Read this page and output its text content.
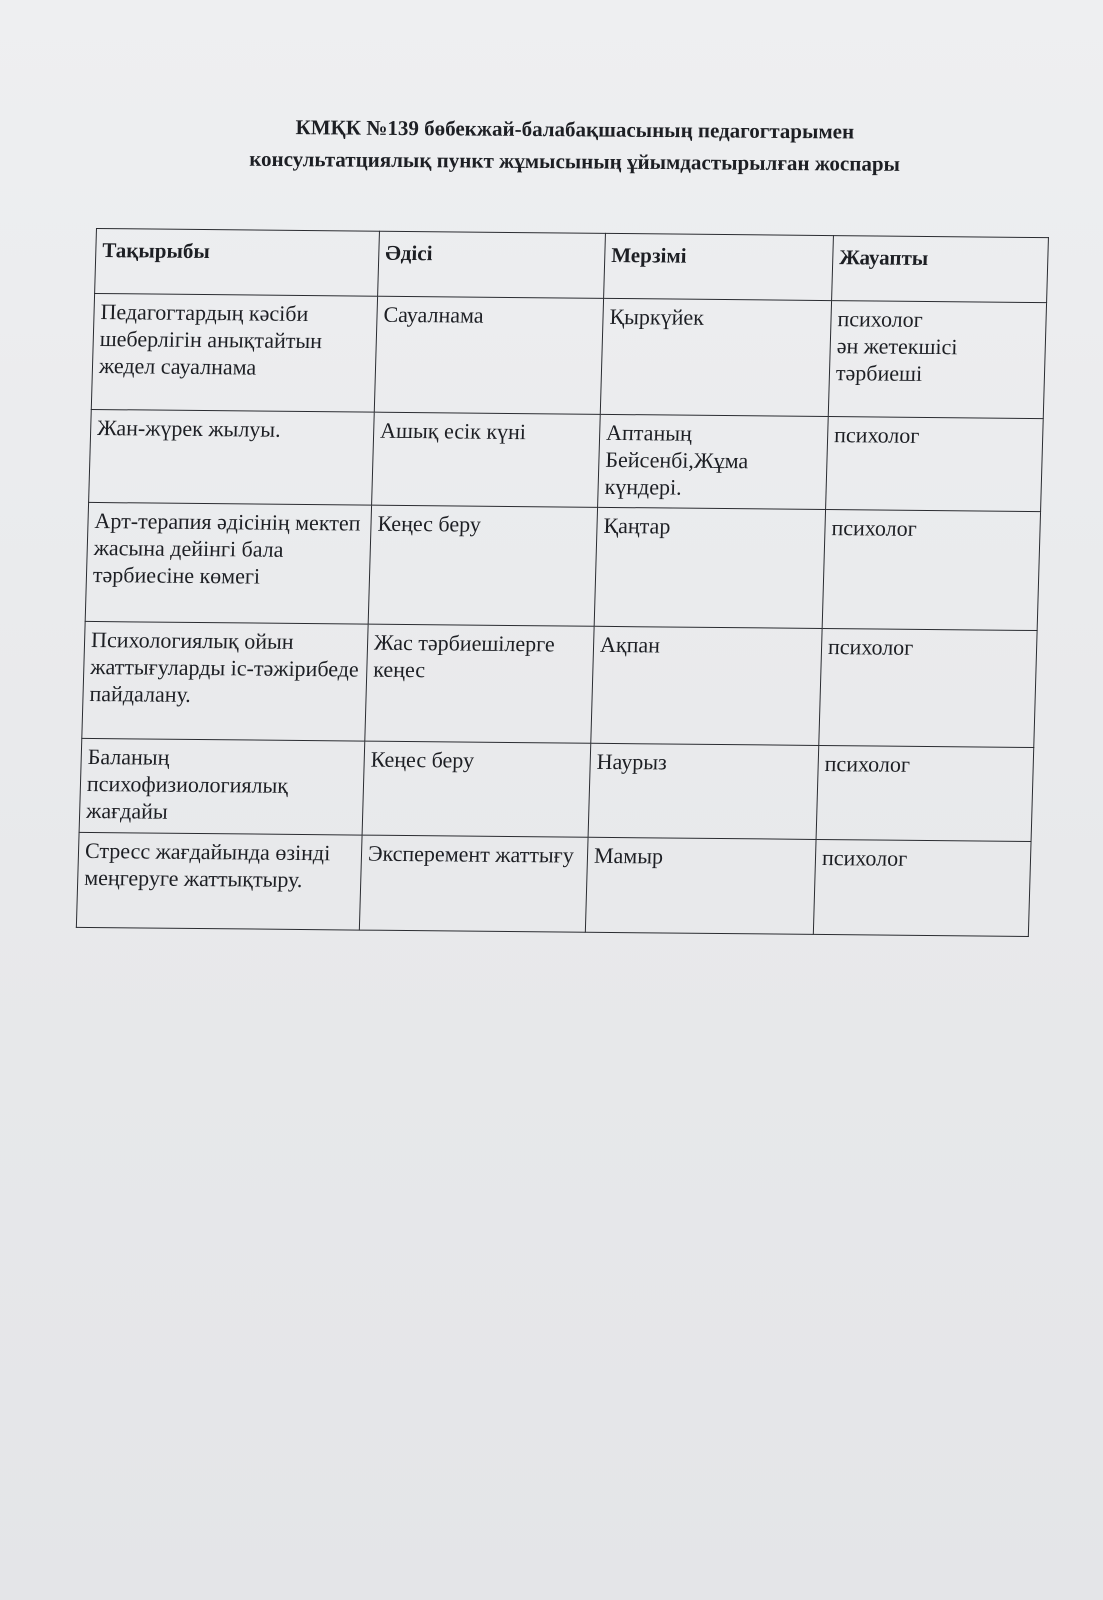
КМҚК №139 бөбекжай-балабақшасының педагогтарымен
консультатциялық пункт жұмысының ұйымдастырылған жоспары
Тақырыбы	Әдісі	Мерзімі	Жауапты
Педагогтардың кәсіби шеберлігін анықтайтын жедел сауалнама	Сауалнама	Қыркүйек	психолог
ән жетекшісі
тәрбиеші

Жан-жүрек жылуы.	Ашық есік күні	Аптаның Бейсенбі,Жұма күндері.	психолог

Арт-терапия әдісінің мектеп жасына дейінгі бала тәрбиесіне көмегі	Кеңес беру	Қаңтар	психолог

Психологиялық ойын жаттығуларды іс-тәжірибеде пайдалану.	Жас тәрбиешілерге кеңес	Ақпан	психолог

Баланың психофизиологиялық жағдайы	Кеңес беру	Наурыз	психолог

Стресс жағдайында өзінді меңгеруге жаттықтыру.	Эксперемент жаттығу	Мамыр	психолог
